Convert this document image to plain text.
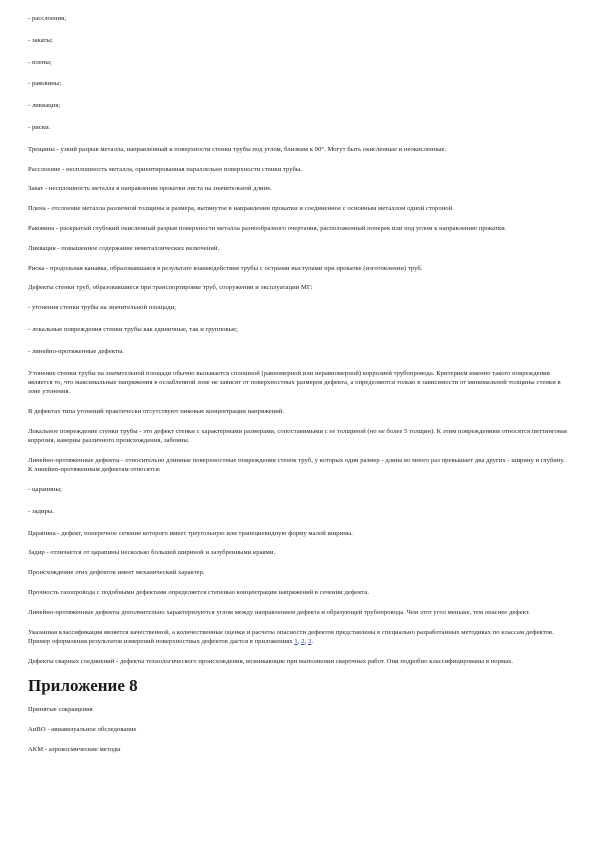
- расслоения;

- закаты;

- плены;

- раковины;

- ликвация;

- риски.

Трещины - узкий разрыв металла, направленный к поверхности стенки трубы под углом, близким к 90°. Могут быть окисленные и неокисленные.

Расслоение - несплошность металла, ориентированная параллельно поверхности стенки трубы.

Закат - несплошность металла в направлении прокатки листа на значительной длине.

Плена - отслоение металла различной толщины и размера, вытянутое в направлении прокатки и соединенное с основным металлом одной стороной.

Раковина - раскрытый глубокий окисленный разрыв поверхности металла разнообразного очертания, расположенный поперек или под углом к направлению прокатки.

Ликвация - повышенное содержание неметаллических включений.

Риска - продольная канавка, образовавшаяся в результате взаимодействия трубы с острыми выступами при прокатке (изготовлении) труб.

Дефекты стенки труб, образовавшиеся при транспортировке труб, сооружении и эксплуатации МГ:

- утонения стенки трубы на значительной площади;

- локальные повреждения стенки трубы как единичные, так и групповые;

- линейно-протяженные дефекты.

Утонение стенки трубы на значительной площади обычно вызывается сплошной (равномерной или неравномерной) коррозией трубопровода. Критерием именно такого повреждения является то, что максимальные напряжения в ослабленной зоне не зависят от поверхностных размеров дефекта, а определяются только в зависимости от минимальной толщины стенки в зоне утонения.

В дефектах типа утонений практически отсутствуют пиковые концентрации напряжений.

Локальное повреждение стенки трубы - это дефект стенки с характерными размерами, сопоставимыми с ее толщиной (но не более 5 толщин). К этим повреждениям относятся питтинговая коррозия, каверны различного происхождения, забоины.

Линейно-протяженные дефекты - относительно длинные поверхностные повреждения стенок труб, у которых один размер - длина во много раз превышает два других - ширину и глубину. К линейно-протяженным дефектам относятся:

- царапины;

- задиры.

Царапина - дефект, поперечное сечение которого имеет треугольную или трапециевидную форму малой ширины.

Задир - отличается от царапины несколько большей шириной и зазубренными краями.

Происхождение этих дефектов имеет механический характер.

Прочность газопровода с подобными дефектами определяется степенью концентрации напряжений в сечении дефекта.

Линейно-протяженные дефекты дополнительно характеризуются углом между направлением дефекта и образующей трубопровода. Чем этот угол меньше, тем опаснее дефект.

Указанная классификация является качественной, а количественные оценки и расчеты опасности дефектов представлены в специально разработанных методиках по классам дефектов. Пример оформления результатов измерений поверхностных дефектов дается в приложениях 1, 2, 3.

Дефекты сварных соединений - дефекты технологического происхождения, возникающие при выполнении сварочных работ. Они подробно классифицированы в нормах.

Приложение 8

Принятые сокращения

АиВО - авиавизуальное обследование

АКМ - аэрокосмические методы
